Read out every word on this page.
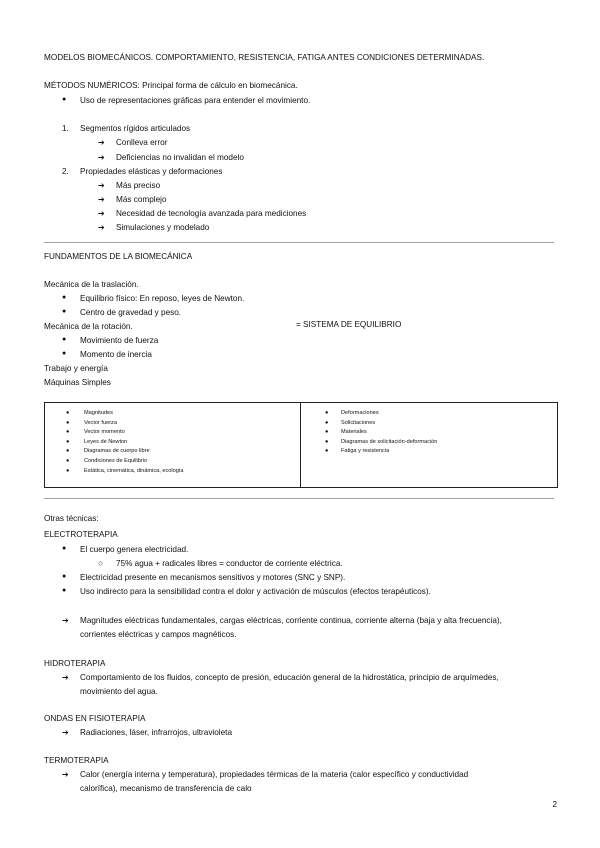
MODELOS BIOMECÁNICOS. COMPORTAMIENTO, RESISTENCIA, FATIGA ANTES CONDICIONES DETERMINADAS.
MÉTODOS NUMÉRICOS: Principal forma de cálculo en biomecánica.
● Uso de representaciones gráficas para entender el movimiento.
1. Segmentos rígidos articulados
➔ Conlleva error
➔ Deficiencias no invalidan el modelo
2. Propiedades elásticas y deformaciones
➔ Más preciso
➔ Más complejo
➔ Necesidad de tecnología avanzada para mediciones
➔ Simulaciones y modelado
FUNDAMENTOS DE LA BIOMECÁNICA
Mecánica de la traslación.
● Equilibrio físico: En reposo, leyes de Newton.
● Centro de gravedad y peso.
Mecánica de la rotación.
● Movimiento de fuerza
● Momento de inercia
Trabajo y energía
Máquinas Simples
= SISTEMA DE EQUILIBRIO
●	Magnitudes
●	Vector fuerza
●	Vector momento
●	Leyes de Newton
●	Diagramas de cuerpo libre
●	Condiciones de Equilibrio
●	Estática, cinemática, dinámica, ecología
● Deformaciones
● Solicitaciones
● Materiales
● Diagramas de solicitación-deformación
● Fatiga y resistencia
Otras técnicas:
ELECTROTERAPIA
● El cuerpo genera electricidad.
○ 75% agua + radicales libres = conductor de corriente eléctrica.
● Electricidad presente en mecanismos sensitivos y motores (SNC y SNP).
● Uso indirecto para la sensibilidad contra el dolor y activación de músculos (efectos terapéuticos).
➔ Magnitudes eléctricas fundamentales, cargas eléctricas, corriente continua, corriente alterna (baja y alta frecuencia),
corrientes eléctricas y campos magnéticos.
HIDROTERAPIA
➔ Comportamiento de los fluidos, concepto de presión, educación general de la hidrostática, principio de arquímedes,
movimiento del agua.
ONDAS EN FISIOTERAPIA
➔ Radiaciones, láser, infrarrojos, ultravioleta
TERMOTERAPIA
➔ Calor (energía interna y temperatura), propiedades térmicas de la materia (calor específico y conductividad
calorífica), mecanismo de transferencia de calo
2
